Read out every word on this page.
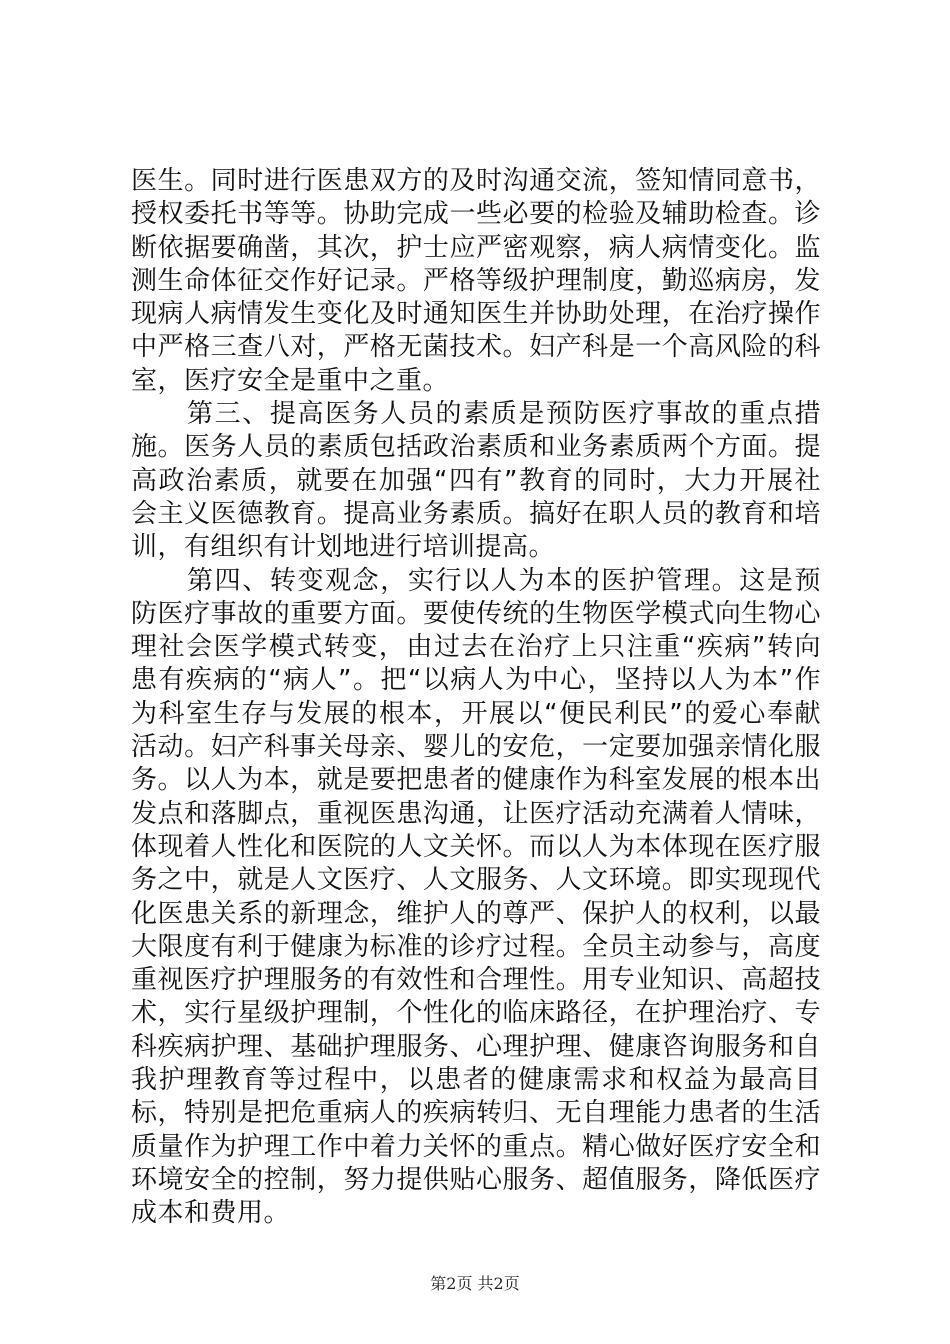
医生。同时进行医患双方的及时沟通交流，签知情同意书，授权委托书等等。协助完成一些必要的检验及辅助检查。诊断依据要确凿，其次，护士应严密观察，病人病情变化。监测生命体征交作好记录。严格等级护理制度，勤巡病房，发现病人病情发生变化及时通知医生并协助处理，在治疗操作中严格三查八对，严格无菌技术。妇产科是一个高风险的科室，医疗安全是重中之重。

第三、提高医务人员的素质是预防医疗事故的重点措施。医务人员的素质包括政治素质和业务素质两个方面。提高政治素质，就要在加强“四有”教育的同时，大力开展社会主义医德教育。提高业务素质。搞好在职人员的教育和培训，有组织有计划地进行培训提高。

第四、转变观念，实行以人为本的医护管理。这是预防医疗事故的重要方面。要使传统的生物医学模式向生物心理社会医学模式转变，由过去在治疗上只注重“疾病”转向患有疾病的“病人”。把“以病人为中心，坚持以人为本”作为科室生存与发展的根本，开展以“便民利民”的爱心奉献活动。妇产科事关母亲、婴儿的安危，一定要加强亲情化服务。以人为本，就是要把患者的健康作为科室发展的根本出发点和落脚点，重视医患沟通，让医疗活动充满着人情味，体现着人性化和医院的人文关怀。而以人为本体现在医疗服务之中，就是人文医疗、人文服务、人文环境。即实现现代化医患关系的新理念，维护人的尊严、保护人的权利，以最大限度有利于健康为标准的诊疗过程。全员主动参与，高度重视医疗护理服务的有效性和合理性。用专业知识、高超技术，实行星级护理制，个性化的临床路径，在护理治疗、专科疾病护理、基础护理服务、心理护理、健康咨询服务和自我护理教育等过程中，以患者的健康需求和权益为最高目标，特别是把危重病人的疾病转归、无自理能力患者的生活质量作为护理工作中着力关怀的重点。精心做好医疗安全和环境安全的控制，努力提供贴心服务、超值服务，降低医疗成本和费用。

第2页 共2页
